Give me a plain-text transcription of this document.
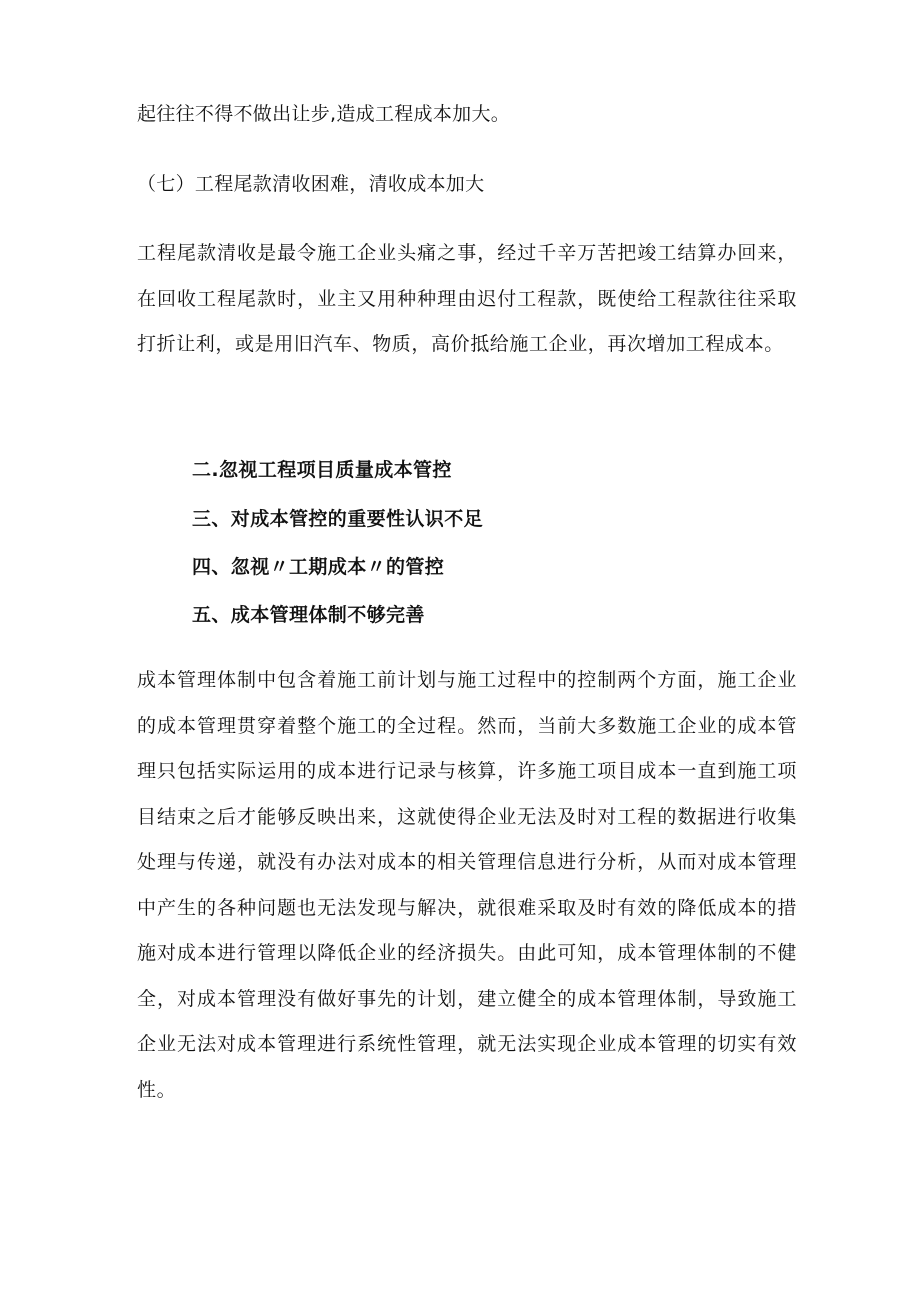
起往往不得不做出让步,造成工程成本加大。
（七）工程尾款清收困难，清收成本加大

工程尾款清收是最令施工企业头痛之事，经过千辛万苦把竣工结算办回来，在回收工程尾款时，业主又用种种理由迟付工程款，既使给工程款往往采取打折让利，或是用旧汽车、物质，高价抵给施工企业，再次增加工程成本。

二.忽视工程项目质量成本管控
三、对成本管控的重要性认识不足
四、忽视〃工期成本〃的管控
五、成本管理体制不够完善

成本管理体制中包含着施工前计划与施工过程中的控制两个方面，施工企业的成本管理贯穿着整个施工的全过程。然而，当前大多数施工企业的成本管理只包括实际运用的成本进行记录与核算，许多施工项目成本一直到施工项目结束之后才能够反映出来，这就使得企业无法及时对工程的数据进行收集处理与传递，就没有办法对成本的相关管理信息进行分析，从而对成本管理中产生的各种问题也无法发现与解决，就很难采取及时有效的降低成本的措施对成本进行管理以降低企业的经济损失。由此可知，成本管理体制的不健全，对成本管理没有做好事先的计划，建立健全的成本管理体制，导致施工企业无法对成本管理进行系统性管理，就无法实现企业成本管理的切实有效性。
